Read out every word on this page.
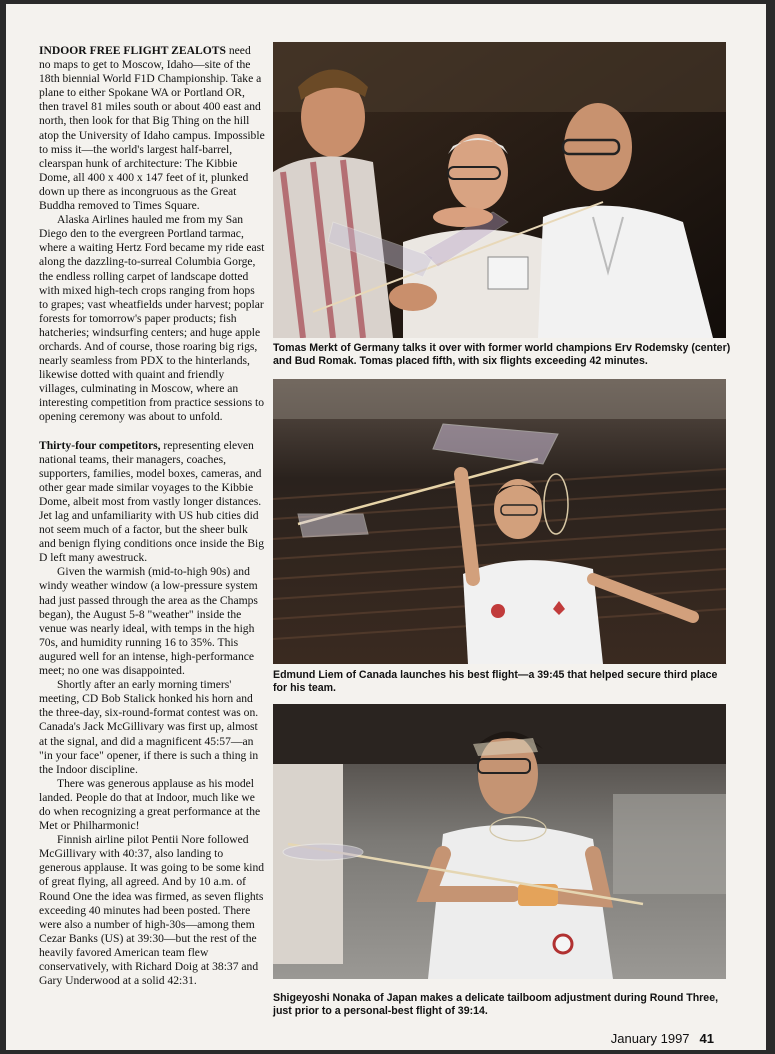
INDOOR FREE FLIGHT ZEALOTS need no maps to get to Moscow, Idaho—site of the 18th biennial World F1D Championship. Take a plane to either Spokane WA or Portland OR, then travel 81 miles south or about 400 east and north, then look for that Big Thing on the hill atop the University of Idaho campus. Impossible to miss it—the world's largest half-barrel, clearspan hunk of architecture: The Kibbie Dome, all 400 x 400 x 147 feet of it, plunked down up there as incongruous as the Great Buddha removed to Times Square.

Alaska Airlines hauled me from my San Diego den to the evergreen Portland tarmac, where a waiting Hertz Ford became my ride east along the dazzling-to-surreal Columbia Gorge, the endless rolling carpet of landscape dotted with mixed high-tech crops ranging from hops to grapes; vast wheatfields under harvest; poplar forests for tomorrow's paper products; fish hatcheries; windsurfing centers; and huge apple orchards. And of course, those roaring big rigs, nearly seamless from PDX to the hinterlands, likewise dotted with quaint and friendly villages, culminating in Moscow, where an interesting competition from practice sessions to opening ceremony was about to unfold.

Thirty-four competitors, representing eleven national teams, their managers, coaches, supporters, families, model boxes, cameras, and other gear made similar voyages to the Kibbie Dome, albeit most from vastly longer distances. Jet lag and unfamiliarity with US hub cities did not seem much of a factor, but the sheer bulk and benign flying conditions once inside the Big D left many awestruck.

Given the warmish (mid-to-high 90s) and windy weather window (a low-pressure system had just passed through the area as the Champs began), the August 5-8 "weather" inside the venue was nearly ideal, with temps in the high 70s, and humidity running 16 to 35%. This augured well for an intense, high-performance meet; no one was disappointed.

Shortly after an early morning timers' meeting, CD Bob Stalick honked his horn and the three-day, six-round-format contest was on. Canada's Jack McGillivary was first up, almost at the signal, and did a magnificent 45:57—an "in your face" opener, if there is such a thing in the Indoor discipline.

There was generous applause as his model landed. People do that at Indoor, much like we do when recognizing a great performance at the Met or Philharmonic!

Finnish airline pilot Pentii Nore followed McGillivary with 40:37, also landing to generous applause. It was going to be some kind of great flying, all agreed. And by 10 a.m. of Round One the idea was firmed, as seven flights exceeding 40 minutes had been posted. There were also a number of high-30s—among them Cezar Banks (US) at 39:30—but the rest of the heavily favored American team flew conservatively, with Richard Doig at 38:37 and Gary Underwood at a solid 42:31.

Tomas Merkt of Germany talks it over with former world champions Erv Rodemsky (center) and Bud Romak. Tomas placed fifth, with six flights exceeding 42 minutes.
Edmund Liem of Canada launches his best flight—a 39:45 that helped secure third place for his team.
Shigeyoshi Nonaka of Japan makes a delicate tailboom adjustment during Round Three, just prior to a personal-best flight of 39:14.
January 1997 41
